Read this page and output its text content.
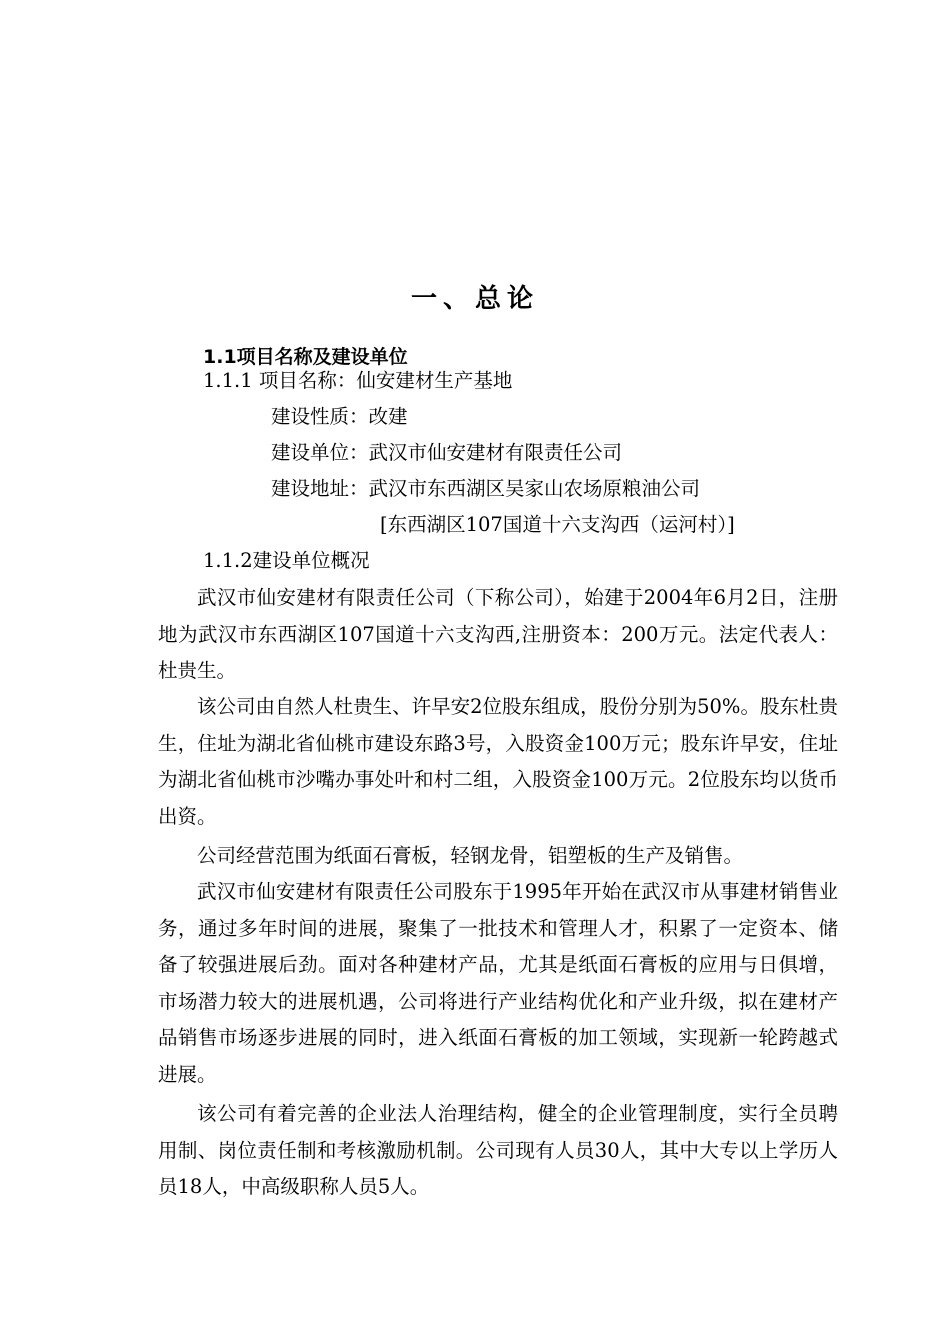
一、总论
1.1项目名称及建设单位

1.1.1 项目名称：仙安建材生产基地

建设性质：改建

建设单位：武汉市仙安建材有限责任公司

建设地址：武汉市东西湖区吴家山农场原粮油公司

[东西湖区107国道十六支沟西（运河村）]

1.1.2建设单位概况

武汉市仙安建材有限责任公司（下称公司），始建于2004年6月2日，注册地为武汉市东西湖区107国道十六支沟西,注册资本：200万元。法定代表人：杜贵生。

该公司由自然人杜贵生、许早安2位股东组成，股份分别为50%。股东杜贵生，住址为湖北省仙桃市建设东路3号，入股资金100万元；股东许早安，住址为湖北省仙桃市沙嘴办事处叶和村二组，入股资金100万元。2位股东均以货币出资。

公司经营范围为纸面石膏板，轻钢龙骨，铝塑板的生产及销售。

武汉市仙安建材有限责任公司股东于1995年开始在武汉市从事建材销售业务，通过多年时间的进展，聚集了一批技术和管理人才，积累了一定资本、储备了较强进展后劲。面对各种建材产品，尤其是纸面石膏板的应用与日俱增，市场潜力较大的进展机遇，公司将进行产业结构优化和产业升级，拟在建材产品销售市场逐步进展的同时，进入纸面石膏板的加工领域，实现新一轮跨越式进展。

该公司有着完善的企业法人治理结构，健全的企业管理制度，实行全员聘用制、岗位责任制和考核激励机制。公司现有人员30人，其中大专以上学历人员18人，中高级职称人员5人。
